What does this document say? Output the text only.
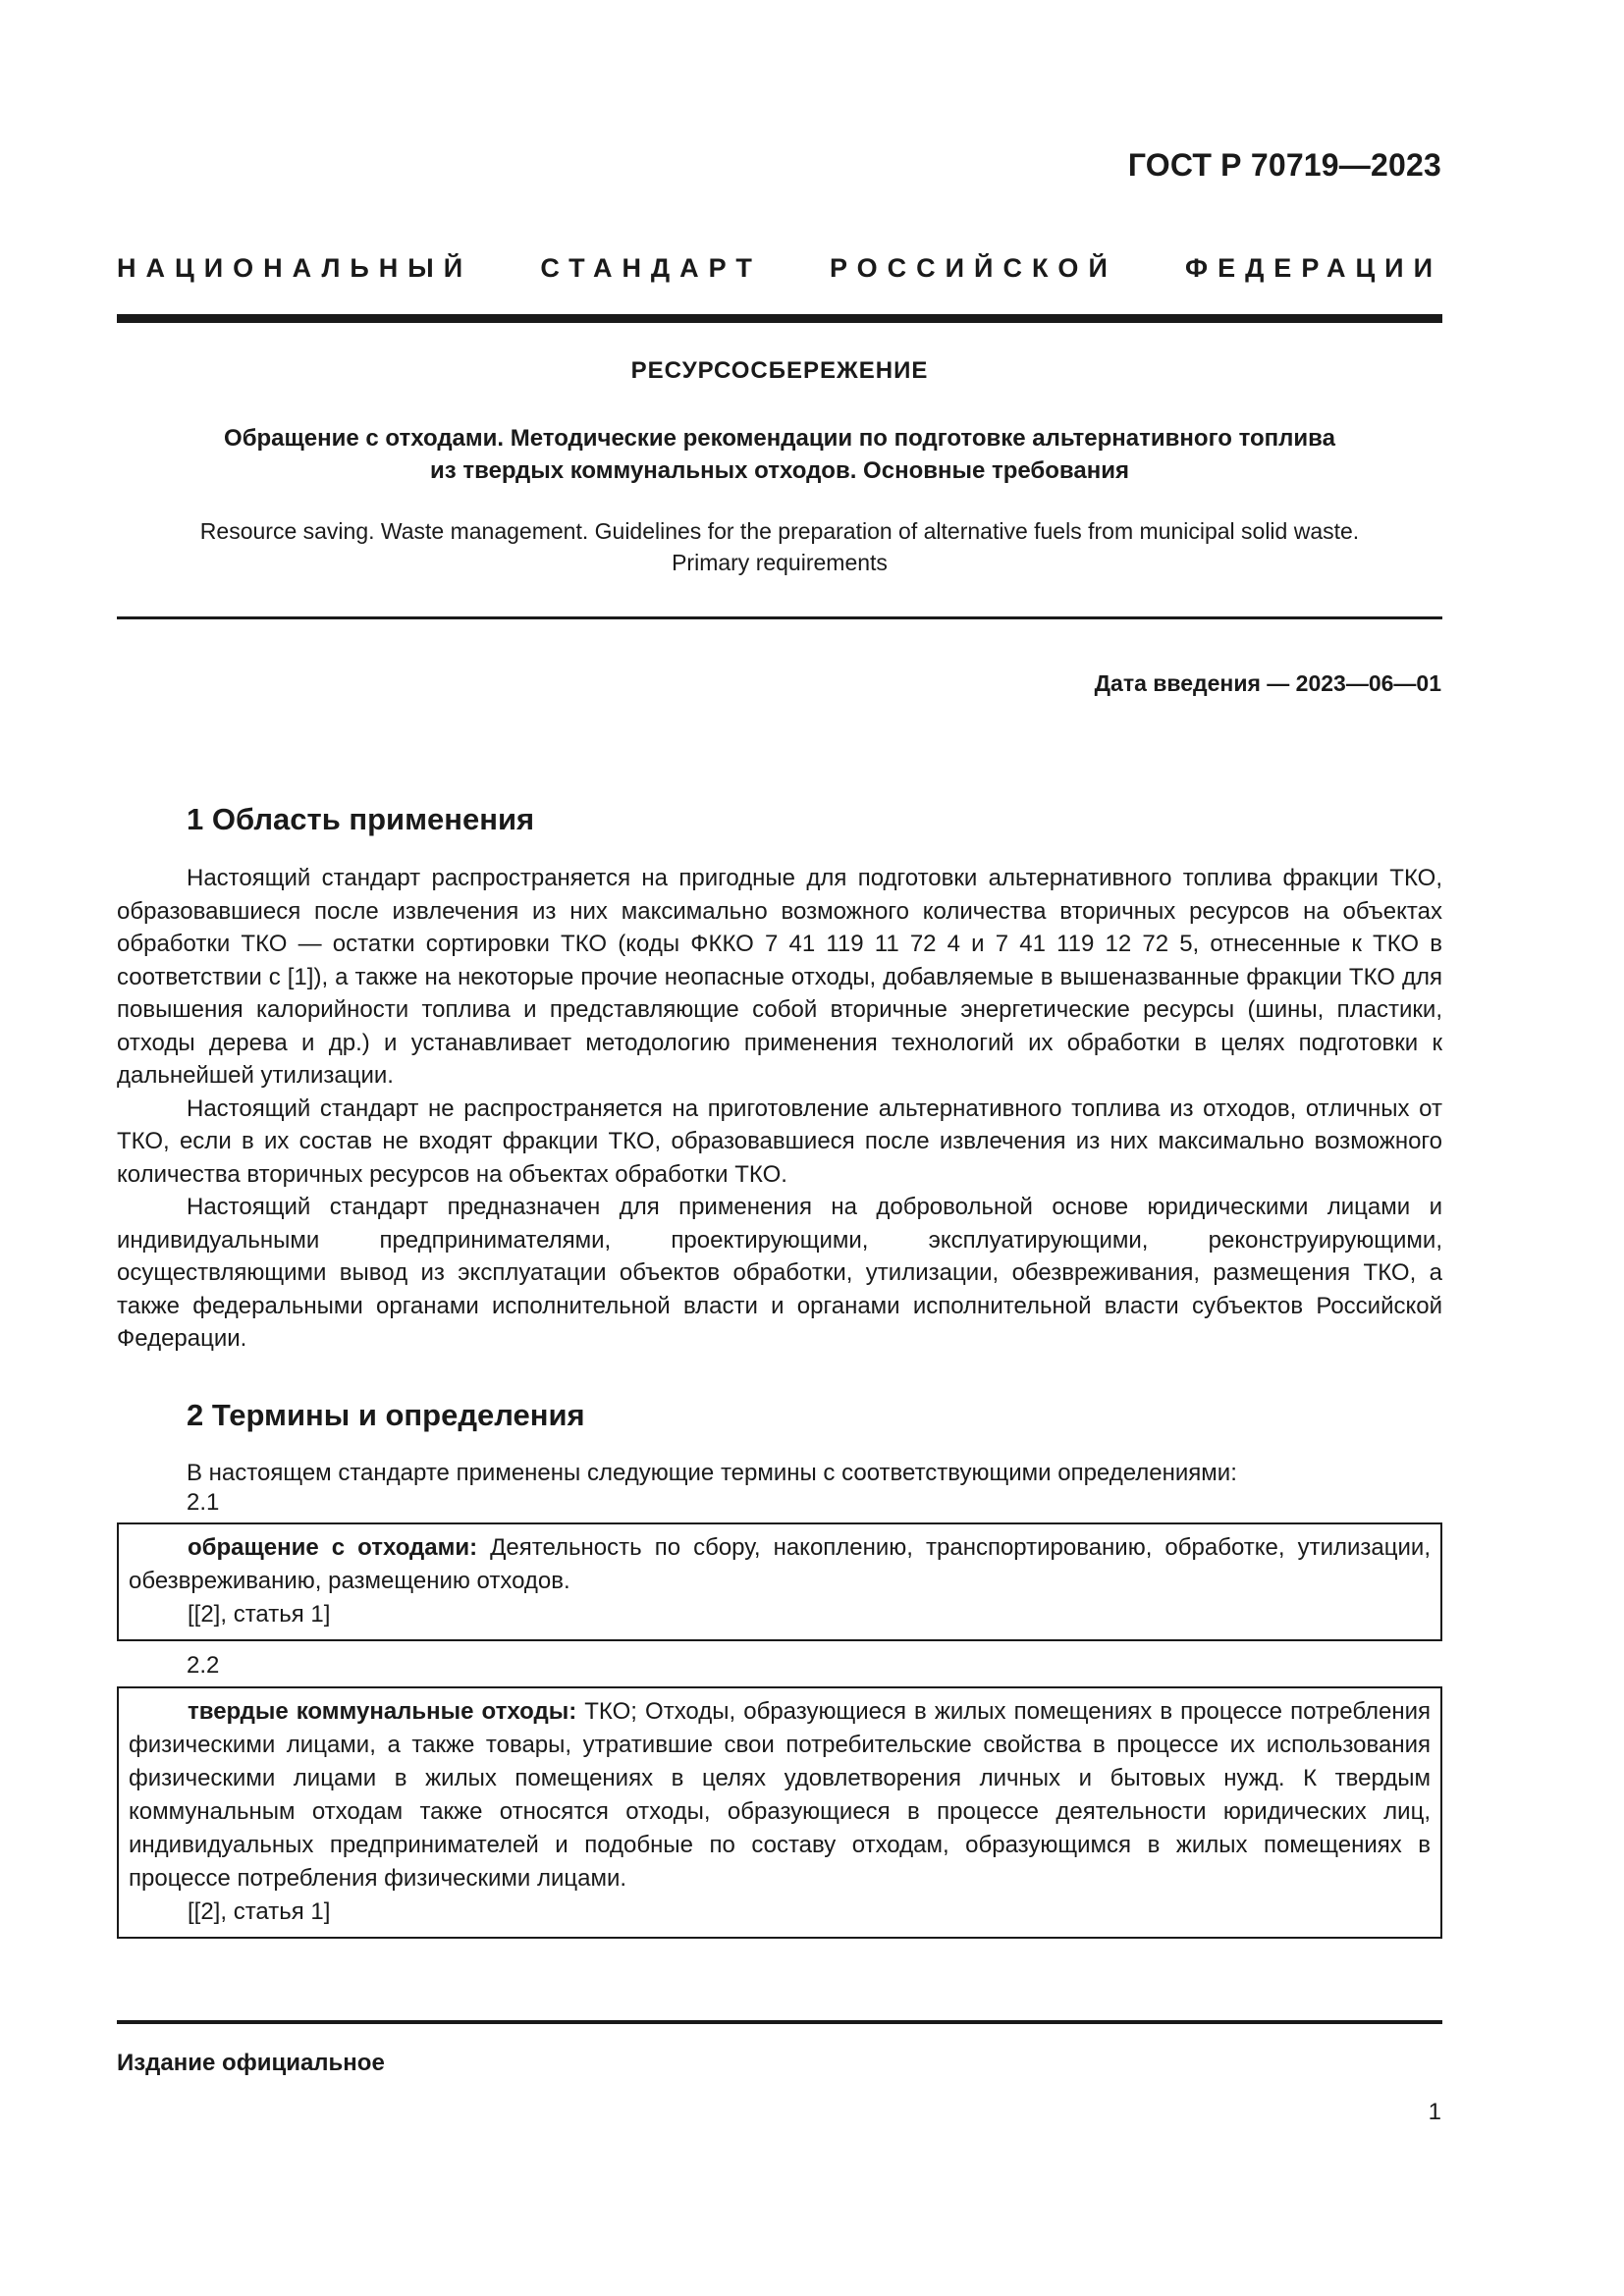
ГОСТ Р 70719—2023
НАЦИОНАЛЬНЫЙ СТАНДАРТ РОССИЙСКОЙ ФЕДЕРАЦИИ
РЕСУРСОСБЕРЕЖЕНИЕ
Обращение с отходами. Методические рекомендации по подготовке альтернативного топлива
из твердых коммунальных отходов. Основные требования
Resource saving. Waste management. Guidelines for the preparation of alternative fuels from municipal solid waste.
Primary requirements
Дата введения — 2023—06—01
1 Область применения

Настоящий стандарт распространяется на пригодные для подготовки альтернативного топлива фракции ТКО, образовавшиеся после извлечения из них максимально возможного количества вторичных ресурсов на объектах обработки ТКО — остатки сортировки ТКО (коды ФККО 7 41 119 11 72 4 и 7 41 119 12 72 5, отнесенные к ТКО в соответствии с [1]), а также на некоторые прочие неопасные отходы, добавляемые в вышеназванные фракции ТКО для повышения калорийности топлива и представляющие собой вторичные энергетические ресурсы (шины, пластики, отходы дерева и др.) и устанавливает методологию применения технологий их обработки в целях подготовки к дальнейшей утилизации.

Настоящий стандарт не распространяется на приготовление альтернативного топлива из отходов, отличных от ТКО, если в их состав не входят фракции ТКО, образовавшиеся после извлечения из них максимально возможного количества вторичных ресурсов на объектах обработки ТКО.

Настоящий стандарт предназначен для применения на добровольной основе юридическими лицами и индивидуальными предпринимателями, проектирующими, эксплуатирующими, реконструирующими, осуществляющими вывод из эксплуатации объектов обработки, утилизации, обезвреживания, размещения ТКО, а также федеральными органами исполнительной власти и органами исполнительной власти субъектов Российской Федерации.

2 Термины и определения

В настоящем стандарте применены следующие термины с соответствующими определениями:

2.1

обращение с отходами: Деятельность по сбору, накоплению, транспортированию, обработке, утилизации, обезвреживанию, размещению отходов.

[[2], статья 1]

2.2

твердые коммунальные отходы: ТКО; Отходы, образующиеся в жилых помещениях в процессе потребления физическими лицами, а также товары, утратившие свои потребительские свойства в процессе их использования физическими лицами в жилых помещениях в целях удовлетворения личных и бытовых нужд. К твердым коммунальным отходам также относятся отходы, образующиеся в процессе деятельности юридических лиц, индивидуальных предпринимателей и подобные по составу отходам, образующимся в жилых помещениях в процессе потребления физическими лицами.

[[2], статья 1]

Издание официальное
1
